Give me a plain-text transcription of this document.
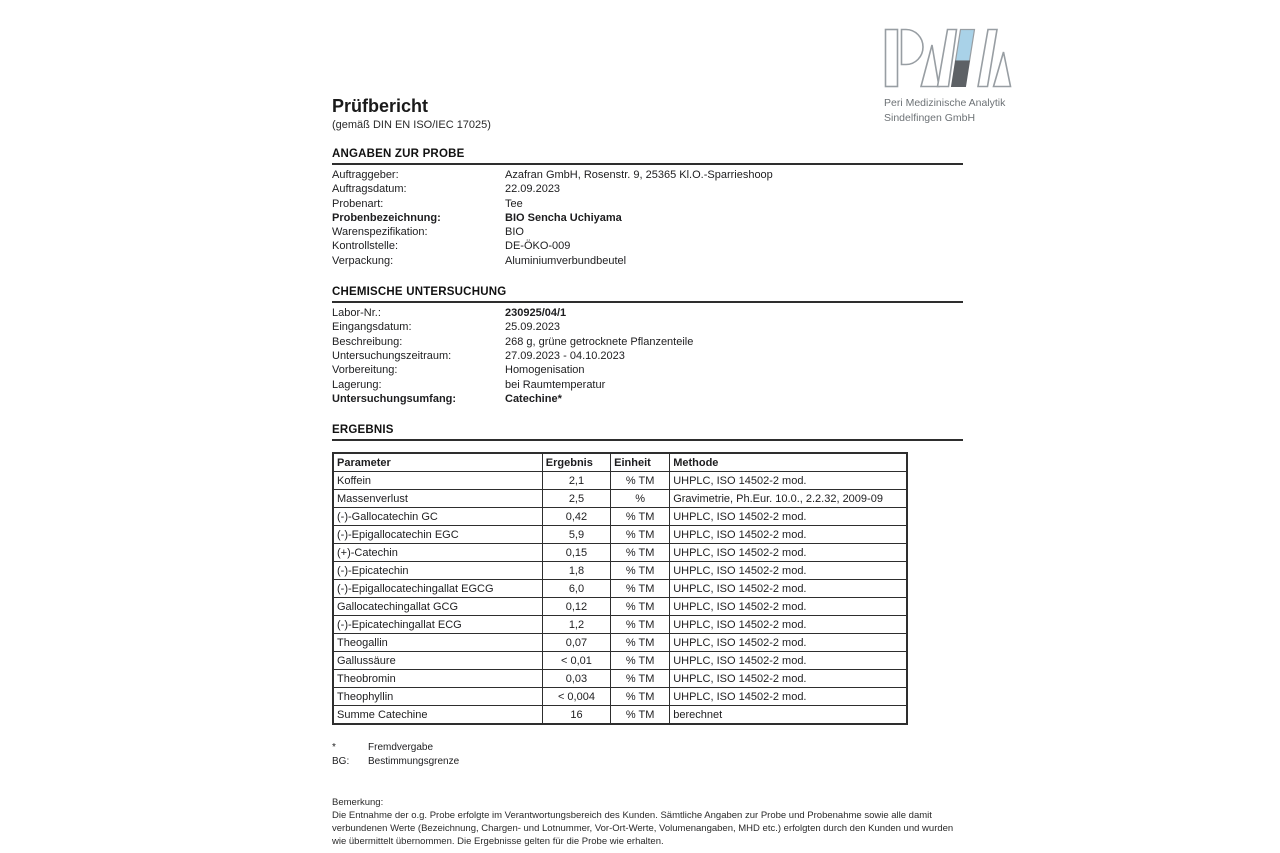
Peri Medizinische Analytik
Sindelfingen GmbH
Prüfbericht
(gemäß DIN EN ISO/IEC 17025)
ANGABEN ZUR PROBE
Auftraggeber:	Azafran GmbH, Rosenstr. 9, 25365 Kl.O.-Sparrieshoop
Auftragsdatum:	22.09.2023
Probenart:	Tee
Probenbezeichnung:	BIO Sencha Uchiyama
Warenspezifikation:	BIO
Kontrollstelle:	DE-ÖKO-009
Verpackung:	Aluminiumverbundbeutel
CHEMISCHE UNTERSUCHUNG
Labor-Nr.:	230925/04/1
Eingangsdatum:	25.09.2023
Beschreibung:	268 g, grüne getrocknete Pflanzenteile
Untersuchungszeitraum:	27.09.2023 - 04.10.2023
Vorbereitung:	Homogenisation
Lagerung:	bei Raumtemperatur
Untersuchungsumfang:	Catechine*
ERGEBNIS
Parameter	Ergebnis	Einheit	Methode
Koffein	2,1	% TM	UHPLC, ISO 14502-2 mod.
Massenverlust	2,5	%	Gravimetrie, Ph.Eur. 10.0., 2.2.32, 2009-09
(-)-Gallocatechin GC	0,42	% TM	UHPLC, ISO 14502-2 mod.
(-)-Epigallocatechin EGC	5,9	% TM	UHPLC, ISO 14502-2 mod.
(+)-Catechin	0,15	% TM	UHPLC, ISO 14502-2 mod.
(-)-Epicatechin	1,8	% TM	UHPLC, ISO 14502-2 mod.
(-)-Epigallocatechingallat EGCG	6,0	% TM	UHPLC, ISO 14502-2 mod.
Gallocatechingallat GCG	0,12	% TM	UHPLC, ISO 14502-2 mod.
(-)-Epicatechingallat ECG	1,2	% TM	UHPLC, ISO 14502-2 mod.
Theogallin	0,07	% TM	UHPLC, ISO 14502-2 mod.
Gallussäure	< 0,01	% TM	UHPLC, ISO 14502-2 mod.
Theobromin	0,03	% TM	UHPLC, ISO 14502-2 mod.
Theophyllin	< 0,004	% TM	UHPLC, ISO 14502-2 mod.
Summe Catechine	16	% TM	berechnet
*	Fremdvergabe
BG:	Bestimmungsgrenze
Bemerkung:
Die Entnahme der o.g. Probe erfolgte im Verantwortungsbereich des Kunden. Sämtliche Angaben zur Probe und Probenahme sowie alle damit verbundenen Werte (Bezeichnung, Chargen- und Lotnummer, Vor-Ort-Werte, Volumenangaben, MHD etc.) erfolgten durch den Kunden und wurden wie übermittelt übernommen. Die Ergebnisse gelten für die Probe wie erhalten.
